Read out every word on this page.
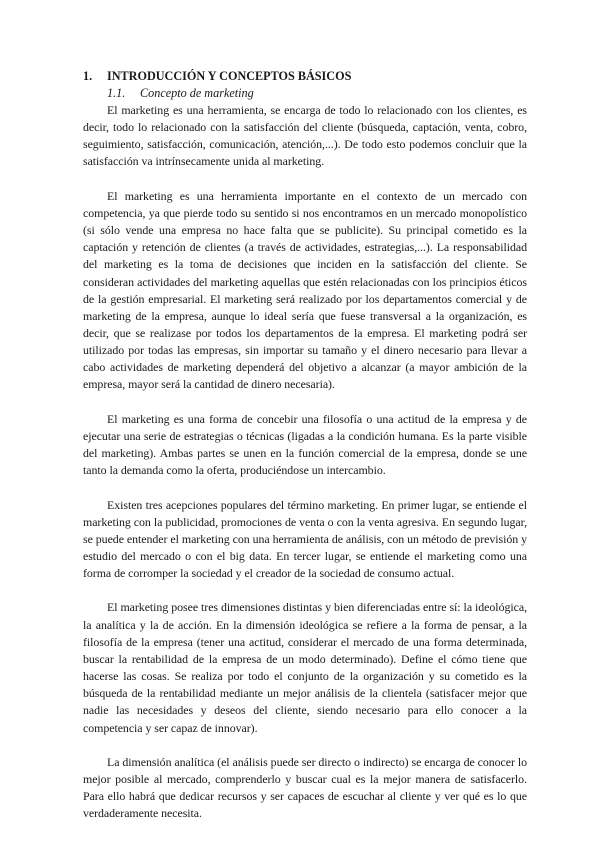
1. INTRODUCCIÓN Y CONCEPTOS BÁSICOS
1.1. Concepto de marketing

El marketing es una herramienta, se encarga de todo lo relacionado con los clientes, es decir, todo lo relacionado con la satisfacción del cliente (búsqueda, captación, venta, cobro, seguimiento, satisfacción, comunicación, atención,...). De todo esto podemos concluir que la satisfacción va intrínsecamente unida al marketing.

El marketing es una herramienta importante en el contexto de un mercado con competencia, ya que pierde todo su sentido si nos encontramos en un mercado monopolístico (si sólo vende una empresa no hace falta que se publicite). Su principal cometido es la captación y retención de clientes (a través de actividades, estrategias,...). La responsabilidad del marketing es la toma de decisiones que inciden en la satisfacción del cliente. Se consideran actividades del marketing aquellas que estén relacionadas con los principios éticos de la gestión empresarial. El marketing será realizado por los departamentos comercial y de marketing de la empresa, aunque lo ideal sería que fuese transversal a la organización, es decir, que se realizase por todos los departamentos de la empresa. El marketing podrá ser utilizado por todas las empresas, sin importar su tamaño y el dinero necesario para llevar a cabo actividades de marketing dependerá del objetivo a alcanzar (a mayor ambición de la empresa, mayor será la cantidad de dinero necesaria).

El marketing es una forma de concebir una filosofía o una actitud de la empresa y de ejecutar una serie de estrategias o técnicas (ligadas a la condición humana. Es la parte visible del marketing). Ambas partes se unen en la función comercial de la empresa, donde se une tanto la demanda como la oferta, produciéndose un intercambio.

Existen tres acepciones populares del término marketing. En primer lugar, se entiende el marketing con la publicidad, promociones de venta o con la venta agresiva. En segundo lugar, se puede entender el marketing con una herramienta de análisis, con un método de previsión y estudio del mercado o con el big data. En tercer lugar, se entiende el marketing como una forma de corromper la sociedad y el creador de la sociedad de consumo actual.

El marketing posee tres dimensiones distintas y bien diferenciadas entre sí: la ideológica, la analítica y la de acción. En la dimensión ideológica se refiere a la forma de pensar, a la filosofía de la empresa (tener una actitud, considerar el mercado de una forma determinada, buscar la rentabilidad de la empresa de un modo determinado). Define el cómo tiene que hacerse las cosas. Se realiza por todo el conjunto de la organización y su cometido es la búsqueda de la rentabilidad mediante un mejor análisis de la clientela (satisfacer mejor que nadie las necesidades y deseos del cliente, siendo necesario para ello conocer a la competencia y ser capaz de innovar).

La dimensión analítica (el análisis puede ser directo o indirecto) se encarga de conocer lo mejor posible al mercado, comprenderlo y buscar cual es la mejor manera de satisfacerlo. Para ello habrá que dedicar recursos y ser capaces de escuchar al cliente y ver qué es lo que verdaderamente necesita.
